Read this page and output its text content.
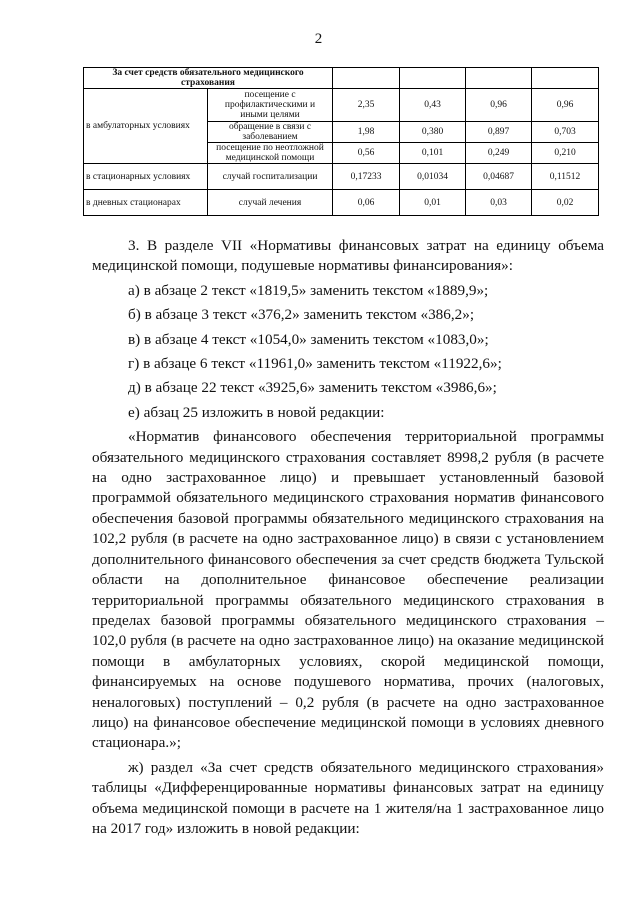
2
За счет средств обязательного медицинского страхования					
в амбулаторных условиях	посещение с профилактическими и иными целями	2,35	0,43	0,96	0,96
	обращение в связи с заболеванием	1,98	0,380	0,897	0,703
	посещение по неотложной медицинской помощи	0,56	0,101	0,249	0,210
в стационарных условиях	случай госпитализации	0,17233	0,01034	0,04687	0,11512
в дневных стационарах	случай лечения	0,06	0,01	0,03	0,02

3. В разделе VII «Нормативы финансовых затрат на единицу объема медицинской помощи, подушевые нормативы финансирования»:

а) в абзаце 2 текст «1819,5» заменить текстом «1889,9»;

б) в абзаце 3 текст «376,2» заменить текстом «386,2»;

в) в абзаце 4 текст «1054,0» заменить текстом «1083,0»;

г) в абзаце 6 текст «11961,0» заменить текстом «11922,6»;

д) в абзаце 22 текст «3925,6» заменить текстом «3986,6»;

е) абзац 25 изложить в новой редакции:

«Норматив финансового обеспечения территориальной программы обязательного медицинского страхования составляет 8998,2 рубля (в расчете на одно застрахованное лицо) и превышает установленный базовой программой обязательного медицинского страхования норматив финансового обеспечения базовой программы обязательного медицинского страхования на 102,2 рубля (в расчете на одно застрахованное лицо) в связи с установлением дополнительного финансового обеспечения за счет средств бюджета Тульской области на дополнительное финансовое обеспечение реализации территориальной программы обязательного медицинского страхования в пределах базовой программы обязательного медицинского страхования – 102,0 рубля (в расчете на одно застрахованное лицо) на оказание медицинской помощи в амбулаторных условиях, скорой медицинской помощи, финансируемых на основе подушевого норматива, прочих (налоговых, неналоговых) поступлений – 0,2 рубля (в расчете на одно застрахованное лицо) на финансовое обеспечение медицинской помощи в условиях дневного стационара.»;

ж) раздел «За счет средств обязательного медицинского страхования» таблицы «Дифференцированные нормативы финансовых затрат на единицу объема медицинской помощи в расчете на 1 жителя/на 1 застрахованное лицо на 2017 год» изложить в новой редакции:
